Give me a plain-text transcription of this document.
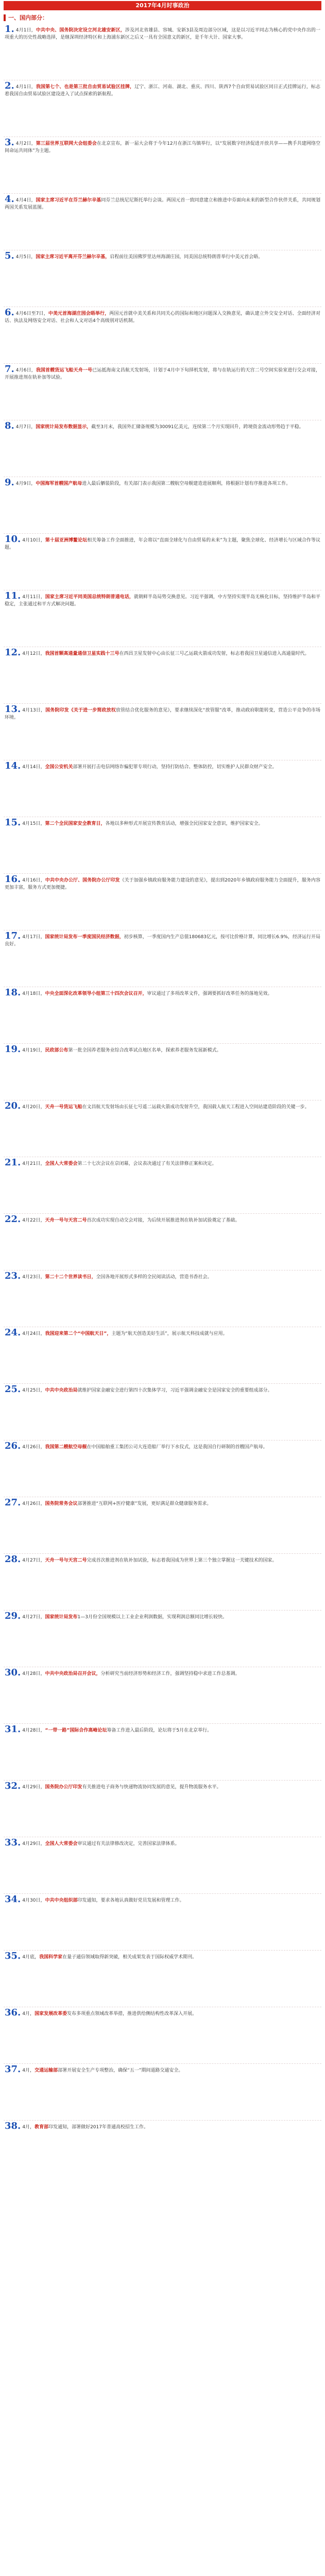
2017年4月时事政治
一、国内部分：
1. 4月1日，中共中央、国务院决定设立河北雄安新区，涉及河北省雄县、容城、安新3县及周边部分区域，这是以习近平同志为核心的党中央作出的一项重大的历史性战略选择，是继深圳经济特区和上海浦东新区之后又一具有全国意义的新区，是千年大计、国家大事。
2. 4月1日，我国第七个、也是第三批自由贸易试验区挂牌，辽宁、浙江、河南、湖北、重庆、四川、陕西7个自由贸易试验区同日正式挂牌运行，标志着我国自由贸易试验区建设进入了试点探索的新航程。
3. 4月2日，第三届世界互联网大会组委会在北京宣布，新一届大会将于今年12月在浙江乌镇举行，以“发展数字经济促进开放共享——携手共建网络空间命运共同体”为主题。
4. 4月4日，国家主席习近平在芬兰赫尔辛基同芬兰总统尼尼斯托举行会谈。两国元首一致同意建立和推进中芬面向未来的新型合作伙伴关系，共同规划两国关系发展蓝图。
5. 4月5日，国家主席习近平离开芬兰赫尔辛基，启程前往美国佛罗里达州海湖庄园，同美国总统特朗普举行中美元首会晤。
6. 4月6日至7日，中美元首海湖庄园会晤举行，两国元首就中美关系和共同关心的国际和地区问题深入交换意见，确认建立外交安全对话、全面经济对话、执法及网络安全对话、社会和人文对话4个高级别对话机制。
7. 4月6日，我国首艘货运飞船天舟一号已运抵海南文昌航天发射场，计划于4月中下旬择机发射，将与在轨运行的天宫二号空间实验室进行交会对接，开展推进剂在轨补加等试验。
8. 4月7日，国家统计局发布数据显示，截至3月末，我国外汇储备规模为30091亿美元，连续第二个月实现回升，跨境资金流动形势趋于平稳。
9. 4月9日，中国海军首艘国产航母进入最后舾装阶段，有关部门表示我国第二艘航空母舰建造进展顺利，将根据计划有序推进各项工作。
10. 4月10日，第十届亚洲博鳌论坛相关筹备工作全面推进，年会将以“直面全球化与自由贸易的未来”为主题，聚焦全球化、经济增长与区域合作等议题。
11. 4月11日，国家主席习近平同美国总统特朗普通电话，就朝鲜半岛局势交换意见。习近平强调，中方坚持实现半岛无核化目标，坚持维护半岛和平稳定，主张通过和平方式解决问题。
12. 4月12日，我国首颗高通量通信卫星实践十三号在西昌卫星发射中心由长征三号乙运载火箭成功发射，标志着我国卫星通信进入高通量时代。
13. 4月13日，国务院印发《关于进一步简政放权放管结合优化服务的意见》，要求继续深化“放管服”改革，推动政府职能转变，营造公平竞争的市场环境。
14. 4月14日，全国公安机关部署开展打击电信网络诈骗犯罪专项行动，坚持打防结合、整体防控，切实维护人民群众财产安全。
15. 4月15日，第二个全民国家安全教育日，各地以多种形式开展宣传教育活动，增强全民国家安全意识，维护国家安全。
16. 4月16日，中共中央办公厅、国务院办公厅印发《关于加强乡镇政府服务能力建设的意见》，提出到2020年乡镇政府服务能力全面提升，服务内容更加丰富，服务方式更加便捷。
17. 4月17日，国家统计局发布一季度国民经济数据，初步核算，一季度国内生产总值180683亿元，按可比价格计算，同比增长6.9%，经济运行开局良好。
18. 4月18日，中央全面深化改革领导小组第三十四次会议召开，审议通过了多项改革文件，强调要抓好改革任务的落地见效。
19. 4月19日，民政部公布第一批全国养老服务业综合改革试点地区名单，探索养老服务发展新模式。
20. 4月20日，天舟一号货运飞船在文昌航天发射场由长征七号遥二运载火箭成功发射升空，我国载人航天工程进入空间站建造阶段的关键一步。
21. 4月21日，全国人大常委会第二十七次会议在京闭幕，会议表决通过了有关法律修正案和决定。
22. 4月22日，天舟一号与天宫二号首次成功实现自动交会对接，为后续开展推进剂在轨补加试验奠定了基础。
23. 4月23日，第二十二个世界读书日，全国各地开展形式多样的全民阅读活动，营造书香社会。
24. 4月24日，我国迎来第二个“中国航天日”，主题为“航天创造美好生活”，展示航天科技成就与应用。
25. 4月25日，中共中央政治局就维护国家金融安全进行第四十次集体学习，习近平强调金融安全是国家安全的重要组成部分。
26. 4月26日，我国第二艘航空母舰在中国船舶重工集团公司大连造船厂举行下水仪式，这是我国自行研制的首艘国产航母。
27. 4月26日，国务院常务会议部署推进“互联网+医疗健康”发展，更好满足群众健康服务需求。
28. 4月27日，天舟一号与天宫二号完成首次推进剂在轨补加试验，标志着我国成为世界上第三个独立掌握这一关键技术的国家。
29. 4月27日，国家统计局发布1—3月份全国规模以上工业企业利润数据，实现利润总额同比增长较快。
30. 4月28日，中共中央政治局召开会议，分析研究当前经济形势和经济工作，强调坚持稳中求进工作总基调。
31. 4月28日，“一带一路”国际合作高峰论坛筹备工作进入最后阶段，论坛将于5月在北京举行。
32. 4月29日，国务院办公厅印发有关推进电子商务与快递物流协同发展的意见，提升物流服务水平。
33. 4月29日，全国人大常委会审议通过有关法律修改决定，完善国家法律体系。
34. 4月30日，中共中央组织部印发通知，要求各地认真做好党员发展和管理工作。
35. 4月底，我国科学家在量子通信领域取得新突破，相关成果发表于国际权威学术期刊。
36. 4月，国家发展改革委发布多项重点领域改革举措，推进供给侧结构性改革深入开展。
37. 4月，交通运输部部署开展安全生产专项整治，确保“五一”期间道路交通安全。
38. 4月，教育部印发通知，部署做好2017年普通高校招生工作。
